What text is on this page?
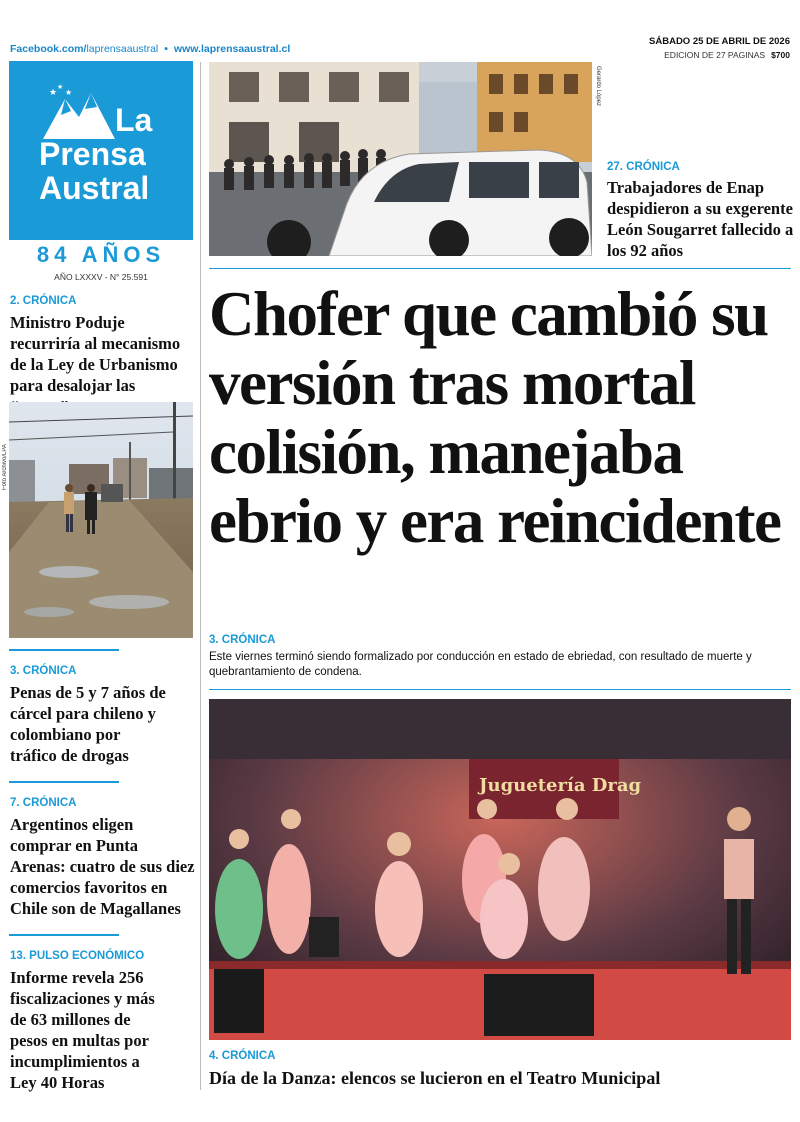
Facebook.com/laprensaaustral • www.laprensaaustral.cl
SÁBADO 25 DE ABRIL DE 2026
EDICION DE 27 PAGINAS $700
★
★
★
La
Prensa
Austral
84 AÑOS
AÑO LXXXV - N° 25.591
2. CRÓNICA
Ministro Poduje recurriría al mecanismo de la Ley de Urbanismo para desalojar las
Foto Archivo/LPA
3. CRÓNICA
Penas de 5 y 7 años de cárcel para chileno y colombiano por tráfico de drogas
7. CRÓNICA
Argentinos eligen comprar en Punta Arenas: cuatro de sus diez comercios favoritos en Chile son de Magallanes
13. PULSO ECONÓMICO
Informe revela 256 fiscalizaciones y más de 63 millones de pesos en multas por incumplimientos a Ley 40 Horas
Gerardo López
27. CRÓNICA
Trabajadores de Enap despidieron a su exgerente León Sougarret fallecido a los 92 años
Chofer que cambió su versión tras mortal colisión, manejaba ebrio y era reincidente
3. CRÓNICA
Este viernes terminó siendo formalizado por conducción en estado de ebriedad, con resultado de muerte y quebrantamiento de condena.
Juguetería Drag
Gerardo López
4. CRÓNICA
Día de la Danza: elencos se lucieron en el Teatro Municipal
